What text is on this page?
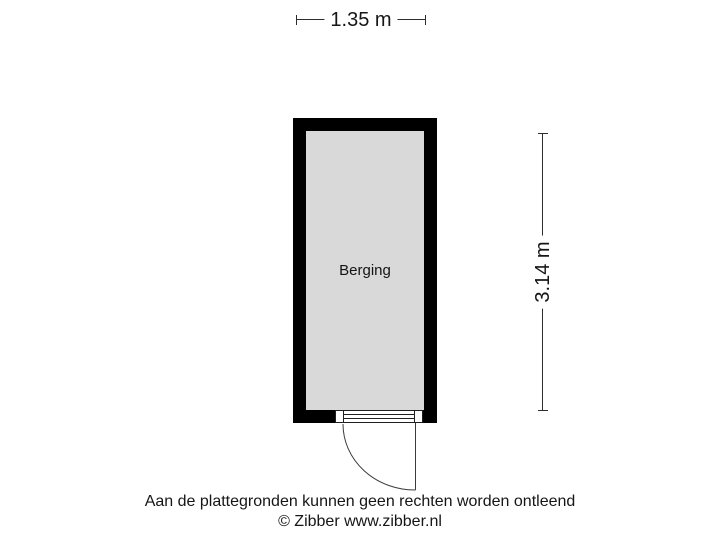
1.35 m
3.14 m
Berging
Aan de plattegronden kunnen geen rechten worden ontleend
© Zibber www.zibber.nl
